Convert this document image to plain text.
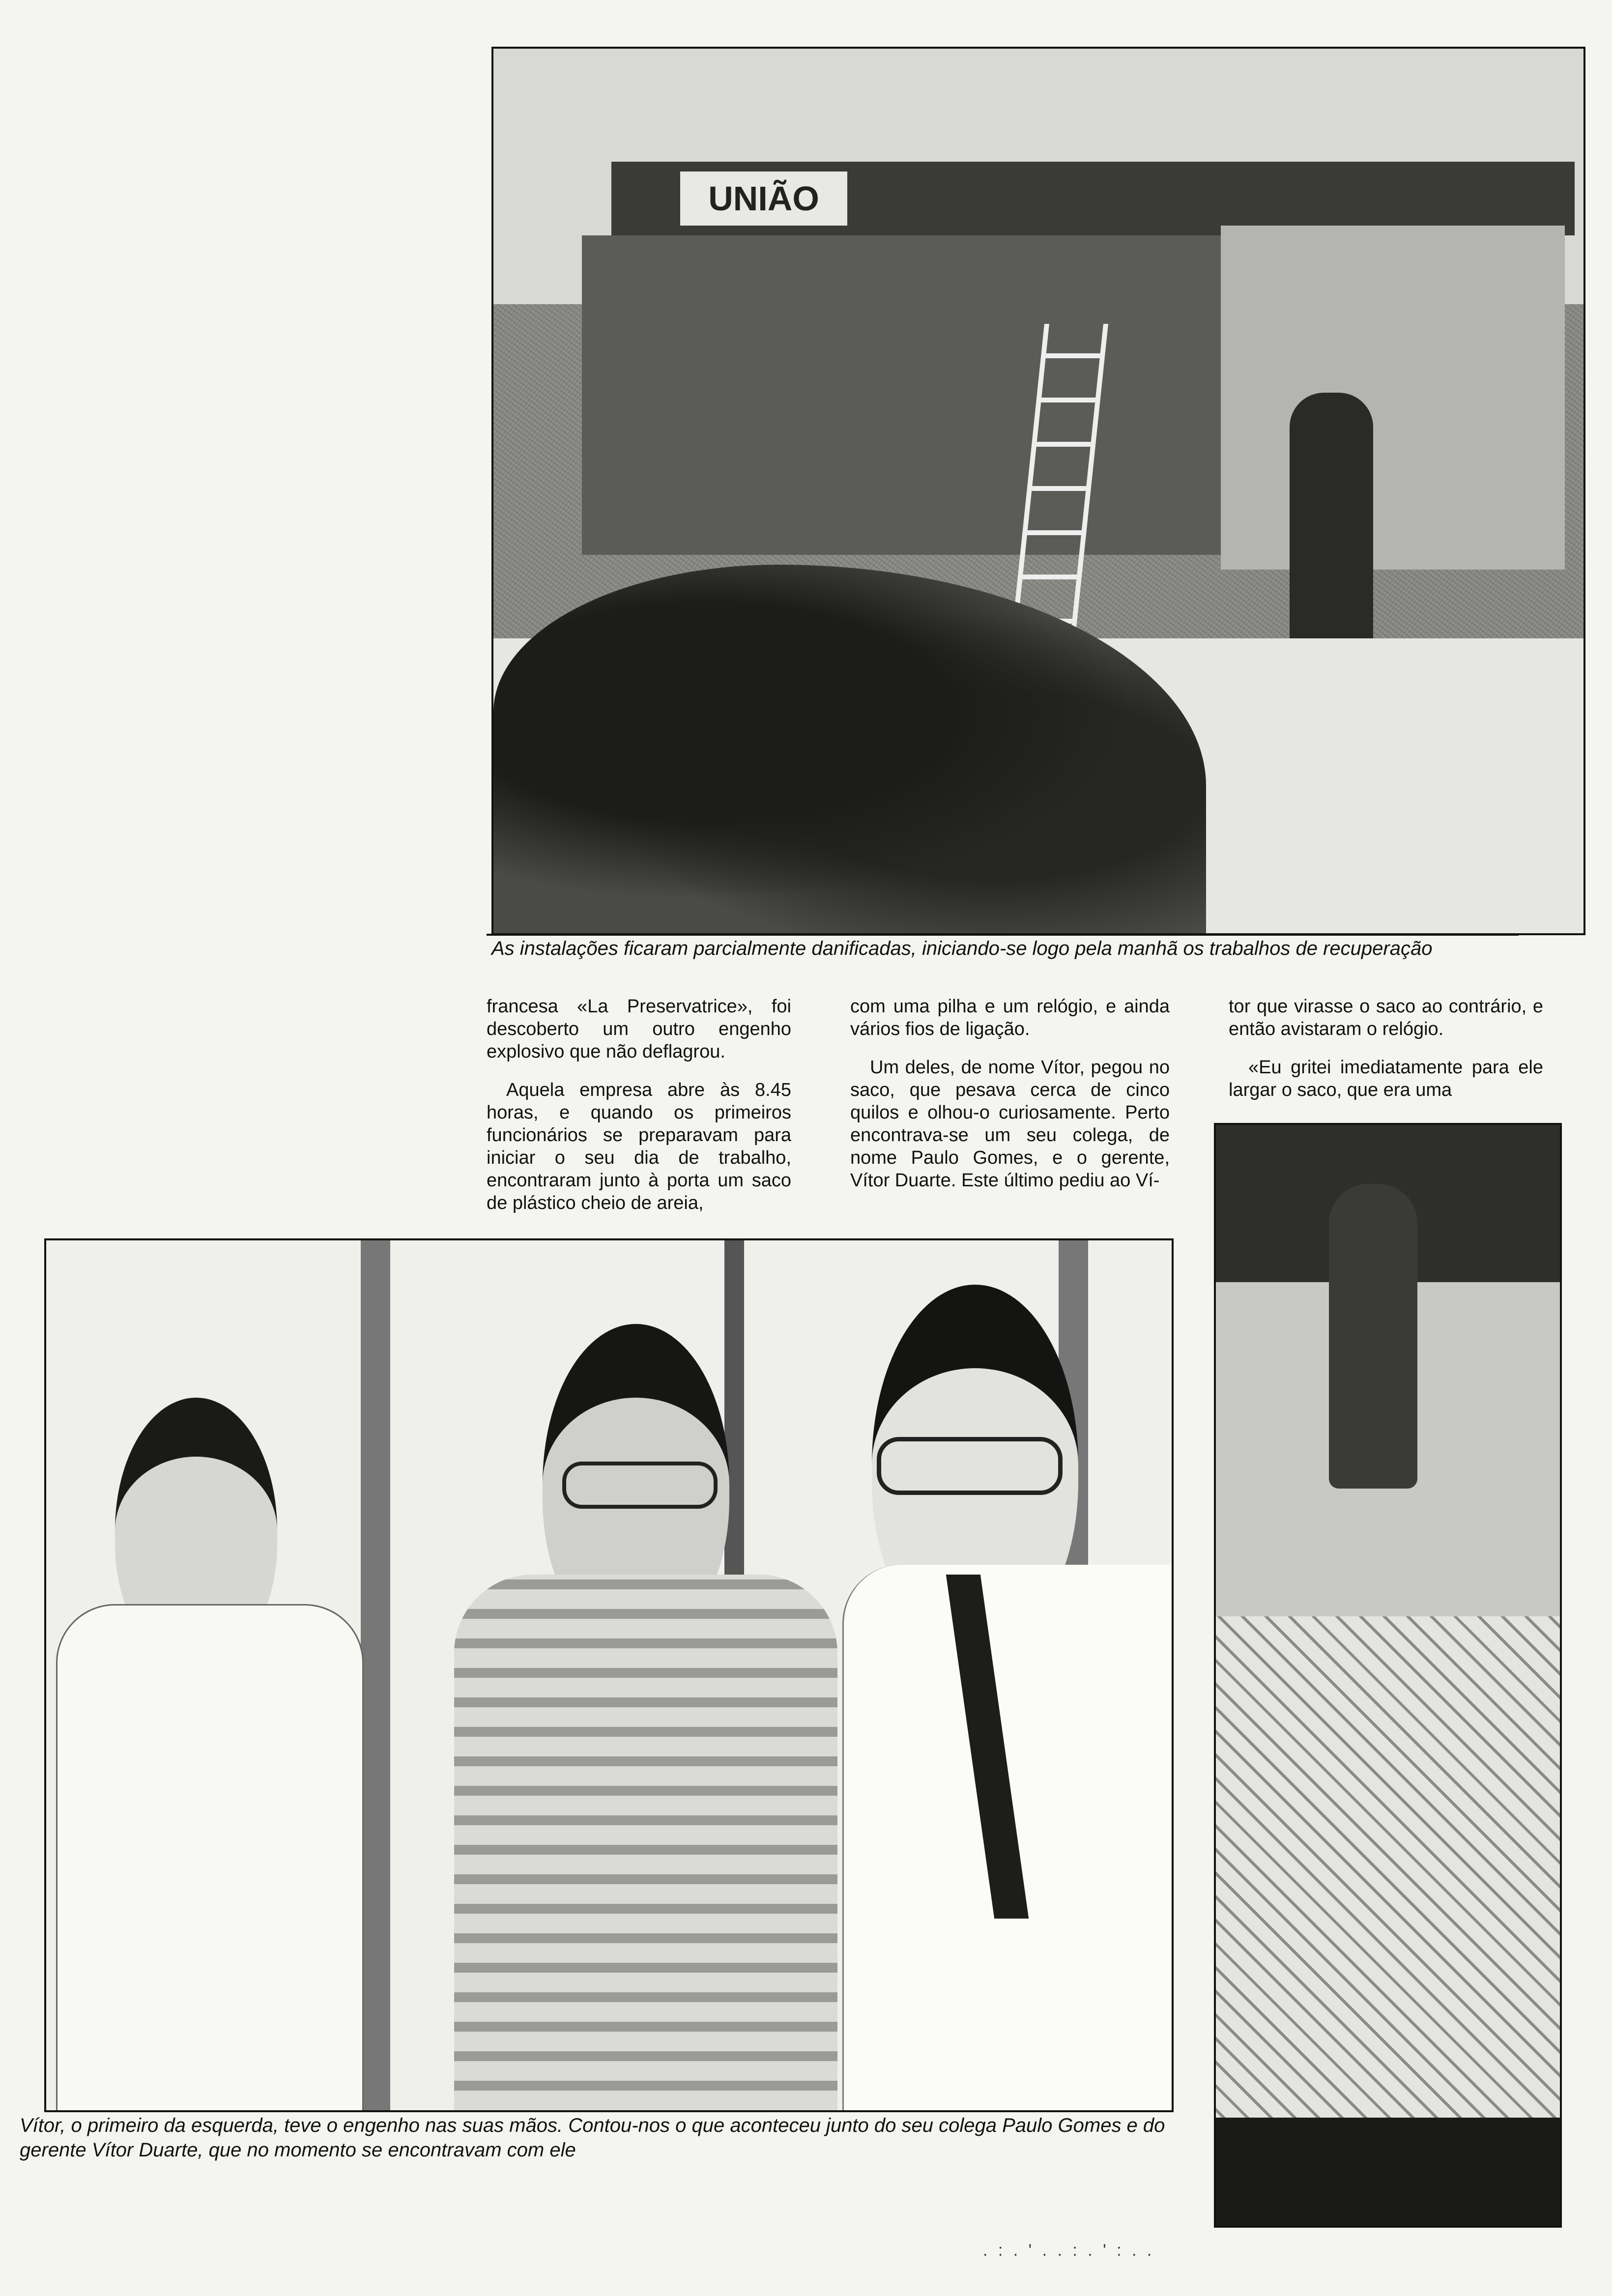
UNIÃO

As instalações ficaram parcialmente danificadas, iniciando-se logo pela manhã os trabalhos de recuperação

francesa «La Preservatrice», foi descoberto um outro engenho explosivo que não deflagrou.

Aquela empresa abre às 8.45 horas, e quando os primeiros funcionários se preparavam para iniciar o seu dia de trabalho, encontraram junto à porta um saco de plástico cheio de areia,

com uma pilha e um relógio, e ainda vários fios de ligação.

Um deles, de nome Vítor, pegou no saco, que pesava cerca de cinco quilos e olhou-o curiosamente. Perto encontrava-se um seu colega, de nome Paulo Gomes, e o gerente, Vítor Duarte. Este último pediu ao Ví-

tor que virasse o saco ao contrário, e então avistaram o relógio.

«Eu gritei imediatamente para ele largar o saco, que era uma

Vítor, o primeiro da esquerda, teve o engenho nas suas mãos. Contou-nos o que aconteceu junto do seu colega Paulo Gomes e do gerente Vítor Duarte, que no momento se encontravam com ele

. : . ' . . : . ' : . .
